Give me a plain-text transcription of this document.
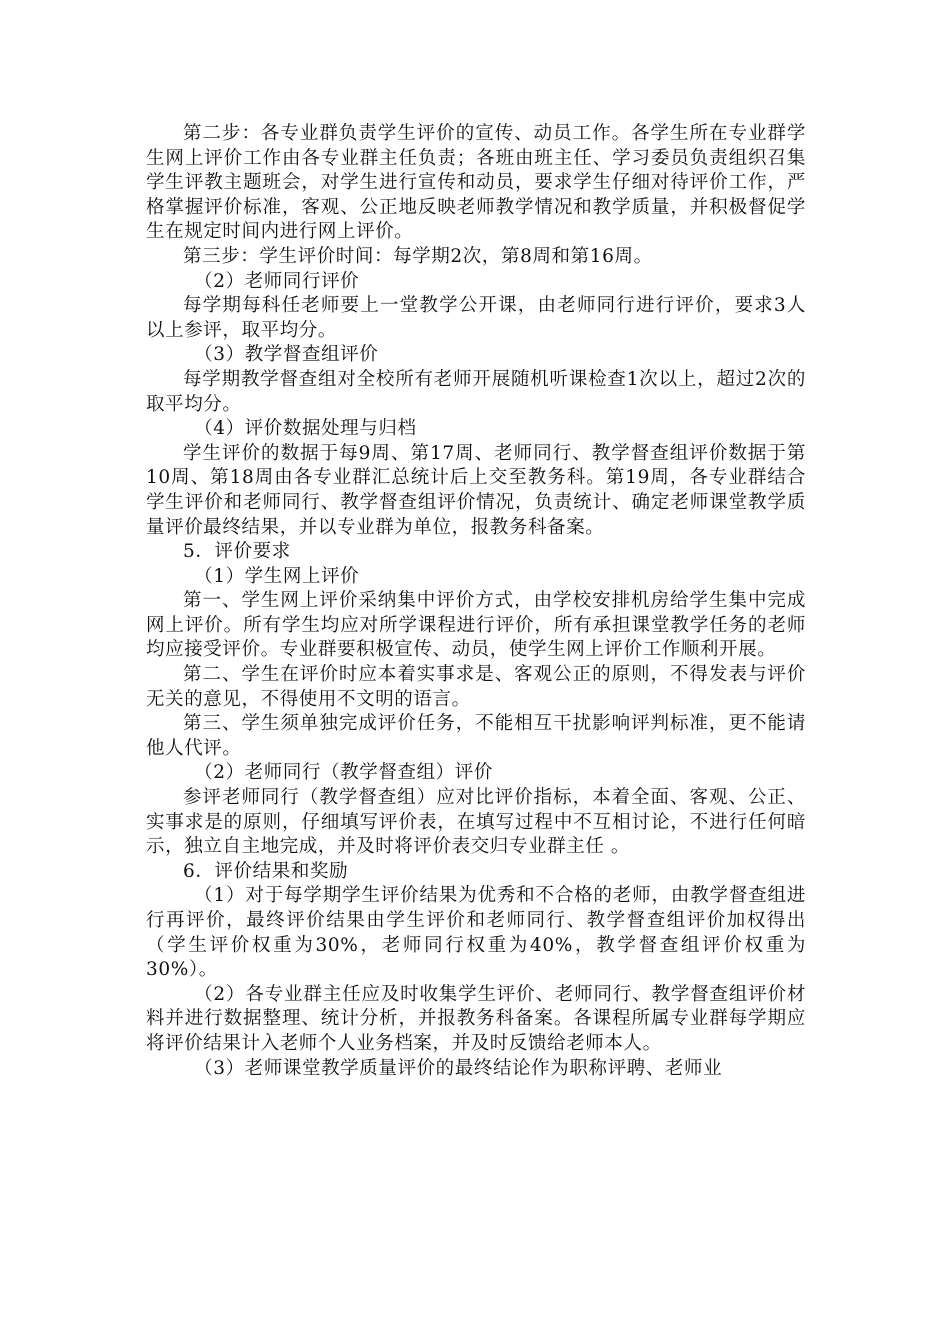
第二步：各专业群负责学生评价的宣传、动员工作。各学生所在专业群学生网上评价工作由各专业群主任负责；各班由班主任、学习委员负责组织召集学生评教主题班会，对学生进行宣传和动员，要求学生仔细对待评价工作，严格掌握评价标准，客观、公正地反映老师教学情况和教学质量，并积极督促学生在规定时间内进行网上评价。

第三步：学生评价时间：每学期2次，第8周和第16周。

（2）老师同行评价

每学期每科任老师要上一堂教学公开课，由老师同行进行评价，要求3人以上参评，取平均分。

（3）教学督查组评价

每学期教学督查组对全校所有老师开展随机听课检查1次以上，超过2次的取平均分。

（4）评价数据处理与归档

学生评价的数据于每9周、第17周、老师同行、教学督查组评价数据于第10周、第18周由各专业群汇总统计后上交至教务科。第19周，各专业群结合学生评价和老师同行、教学督查组评价情况，负责统计、确定老师课堂教学质量评价最终结果，并以专业群为单位，报教务科备案。

5．评价要求

（1）学生网上评价

第一、学生网上评价采纳集中评价方式，由学校安排机房给学生集中完成网上评价。所有学生均应对所学课程进行评价，所有承担课堂教学任务的老师均应接受评价。专业群要积极宣传、动员，使学生网上评价工作顺利开展。

第二、学生在评价时应本着实事求是、客观公正的原则，不得发表与评价无关的意见，不得使用不文明的语言。

第三、学生须单独完成评价任务，不能相互干扰影响评判标准，更不能请他人代评。

（2）老师同行（教学督查组）评价

参评老师同行（教学督查组）应对比评价指标，本着全面、客观、公正、实事求是的原则，仔细填写评价表，在填写过程中不互相讨论，不进行任何暗示，独立自主地完成，并及时将评价表交归专业群主任 。

6．评价结果和奖励

（1）对于每学期学生评价结果为优秀和不合格的老师，由教学督查组进行再评价，最终评价结果由学生评价和老师同行、教学督查组评价加权得出（学生评价权重为30%，老师同行权重为40%，教学督查组评价权重为30%）。

（2）各专业群主任应及时收集学生评价、老师同行、教学督查组评价材料并进行数据整理、统计分析，并报教务科备案。各课程所属专业群每学期应将评价结果计入老师个人业务档案，并及时反馈给老师本人。

（3）老师课堂教学质量评价的最终结论作为职称评聘、老师业
